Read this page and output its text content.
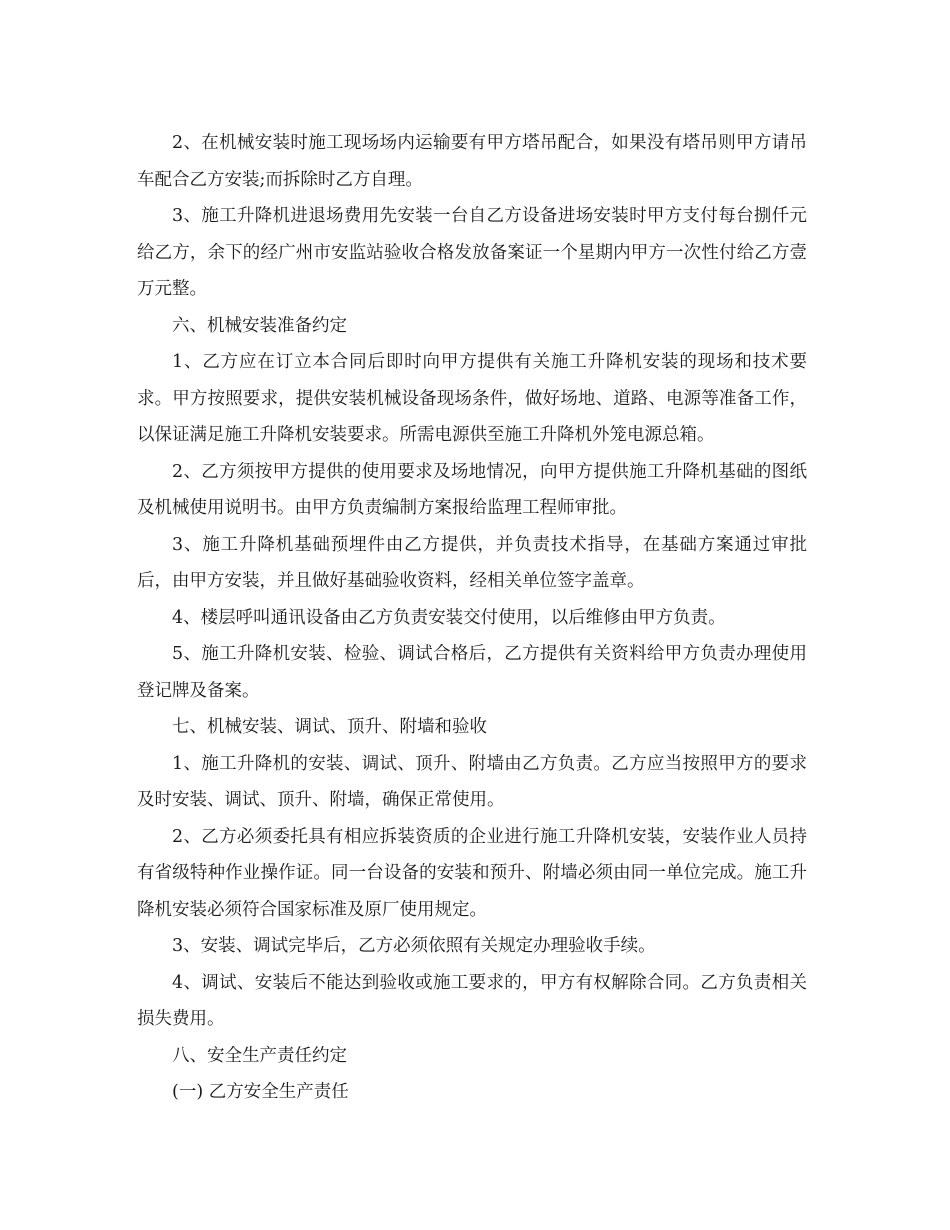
2、在机械安装时施工现场场内运输要有甲方塔吊配合，如果没有塔吊则甲方请吊车配合乙方安装;而拆除时乙方自理。

3、施工升降机进退场费用先安装一台自乙方设备进场安装时甲方支付每台捌仟元给乙方，余下的经广州市安监站验收合格发放备案证一个星期内甲方一次性付给乙方壹万元整。

六、机械安装准备约定

1、乙方应在订立本合同后即时向甲方提供有关施工升降机安装的现场和技术要求。甲方按照要求，提供安装机械设备现场条件，做好场地、道路、电源等准备工作，以保证满足施工升降机安装要求。所需电源供至施工升降机外笼电源总箱。

2、乙方须按甲方提供的使用要求及场地情况，向甲方提供施工升降机基础的图纸及机械使用说明书。由甲方负责编制方案报给监理工程师审批。

3、施工升降机基础预埋件由乙方提供，并负责技术指导，在基础方案通过审批后，由甲方安装，并且做好基础验收资料，经相关单位签字盖章。

4、楼层呼叫通讯设备由乙方负责安装交付使用，以后维修由甲方负责。

5、施工升降机安装、检验、调试合格后，乙方提供有关资料给甲方负责办理使用登记牌及备案。

七、机械安装、调试、顶升、附墙和验收

1、施工升降机的安装、调试、顶升、附墙由乙方负责。乙方应当按照甲方的要求及时安装、调试、顶升、附墙，确保正常使用。

2、乙方必须委托具有相应拆装资质的企业进行施工升降机安装，安装作业人员持有省级特种作业操作证。同一台设备的安装和预升、附墙必须由同一单位完成。施工升降机安装必须符合国家标准及原厂使用规定。

3、安装、调试完毕后，乙方必须依照有关规定办理验收手续。

4、调试、安装后不能达到验收或施工要求的，甲方有权解除合同。乙方负责相关损失费用。

八、安全生产责任约定

(一) 乙方安全生产责任
